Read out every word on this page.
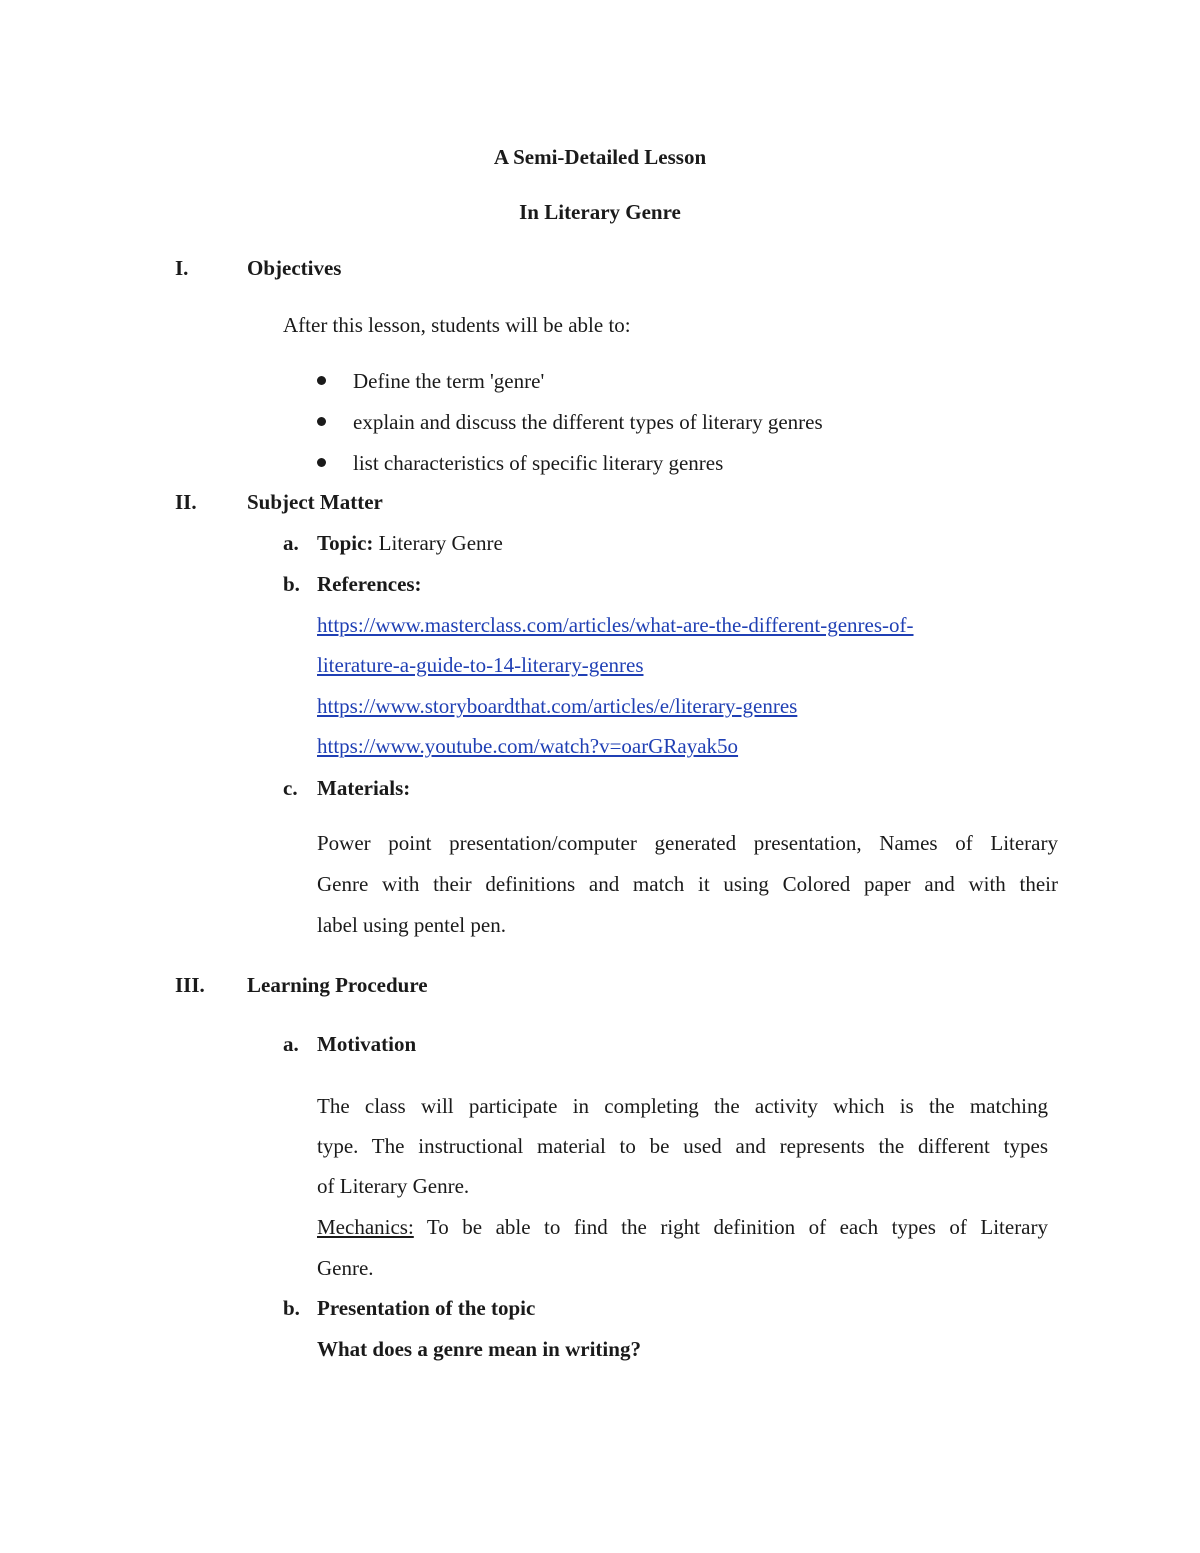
A Semi-Detailed Lesson
In Literary Genre
I.	Objectives
After this lesson, students will be able to:
Define the term 'genre'
explain and discuss the different types of literary genres
list characteristics of specific literary genres
II. Subject Matter
a. Topic: Literary Genre
b. References:
https://www.masterclass.com/articles/what-are-the-different-genres-of-
literature-a-guide-to-14-literary-genres
https://www.storyboardthat.com/articles/e/literary-genres
https://www.youtube.com/watch?v=oarGRayak5o
c. Materials:
Power point presentation/computer generated presentation, Names of Literary
Genre with their definitions and match it using Colored paper and with their
label using pentel pen.
III. Learning Procedure
a. Motivation
The class will participate in completing the activity which is the matching
type. The instructional material to be used and represents the different types
of Literary Genre.
Mechanics: To be able to find the right definition of each types of Literary
Genre.
b. Presentation of the topic
What does a genre mean in writing?
